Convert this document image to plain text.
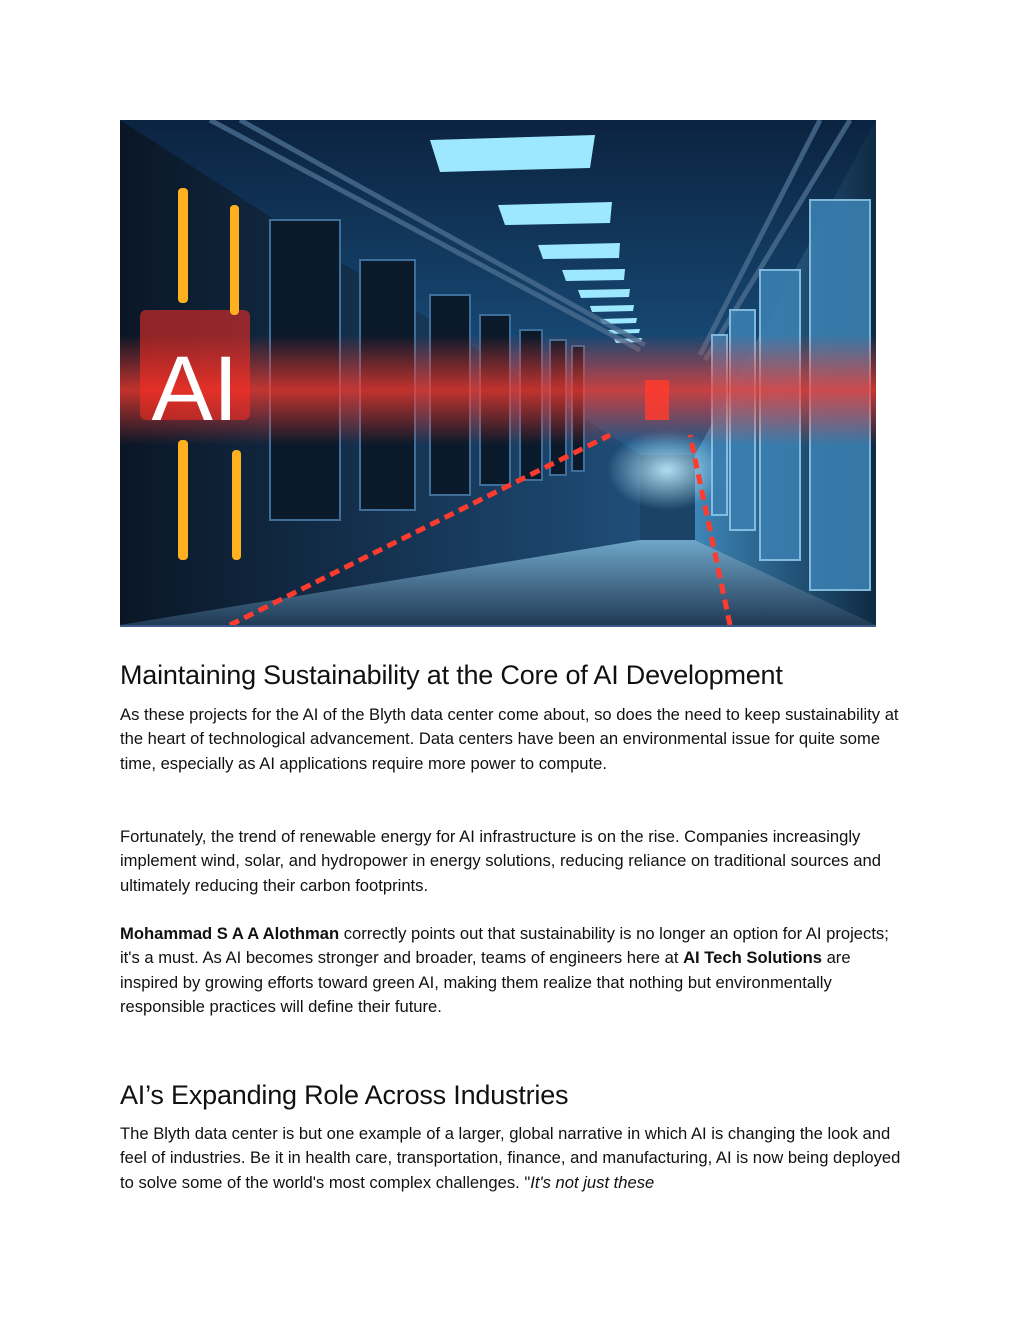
AI
Maintaining Sustainability at the Core of AI Development

As these projects for the AI of the Blyth data center come about, so does the need to keep sustainability at the heart of technological advancement. Data centers have been an environmental issue for quite some time, especially as AI applications require more power to compute.

Fortunately, the trend of renewable energy for AI infrastructure is on the rise. Companies increasingly implement wind, solar, and hydropower in energy solutions, reducing reliance on traditional sources and ultimately reducing their carbon footprints.

Mohammad S A A Alothman correctly points out that sustainability is no longer an option for AI projects; it's a must. As AI becomes stronger and broader, teams of engineers here at AI Tech Solutions are inspired by growing efforts toward green AI, making them realize that nothing but environmentally responsible practices will define their future.

AI’s Expanding Role Across Industries

The Blyth data center is but one example of a larger, global narrative in which AI is changing the look and feel of industries. Be it in health care, transportation, finance, and manufacturing, AI is now being deployed to solve some of the world's most complex challenges. "It's not just these
